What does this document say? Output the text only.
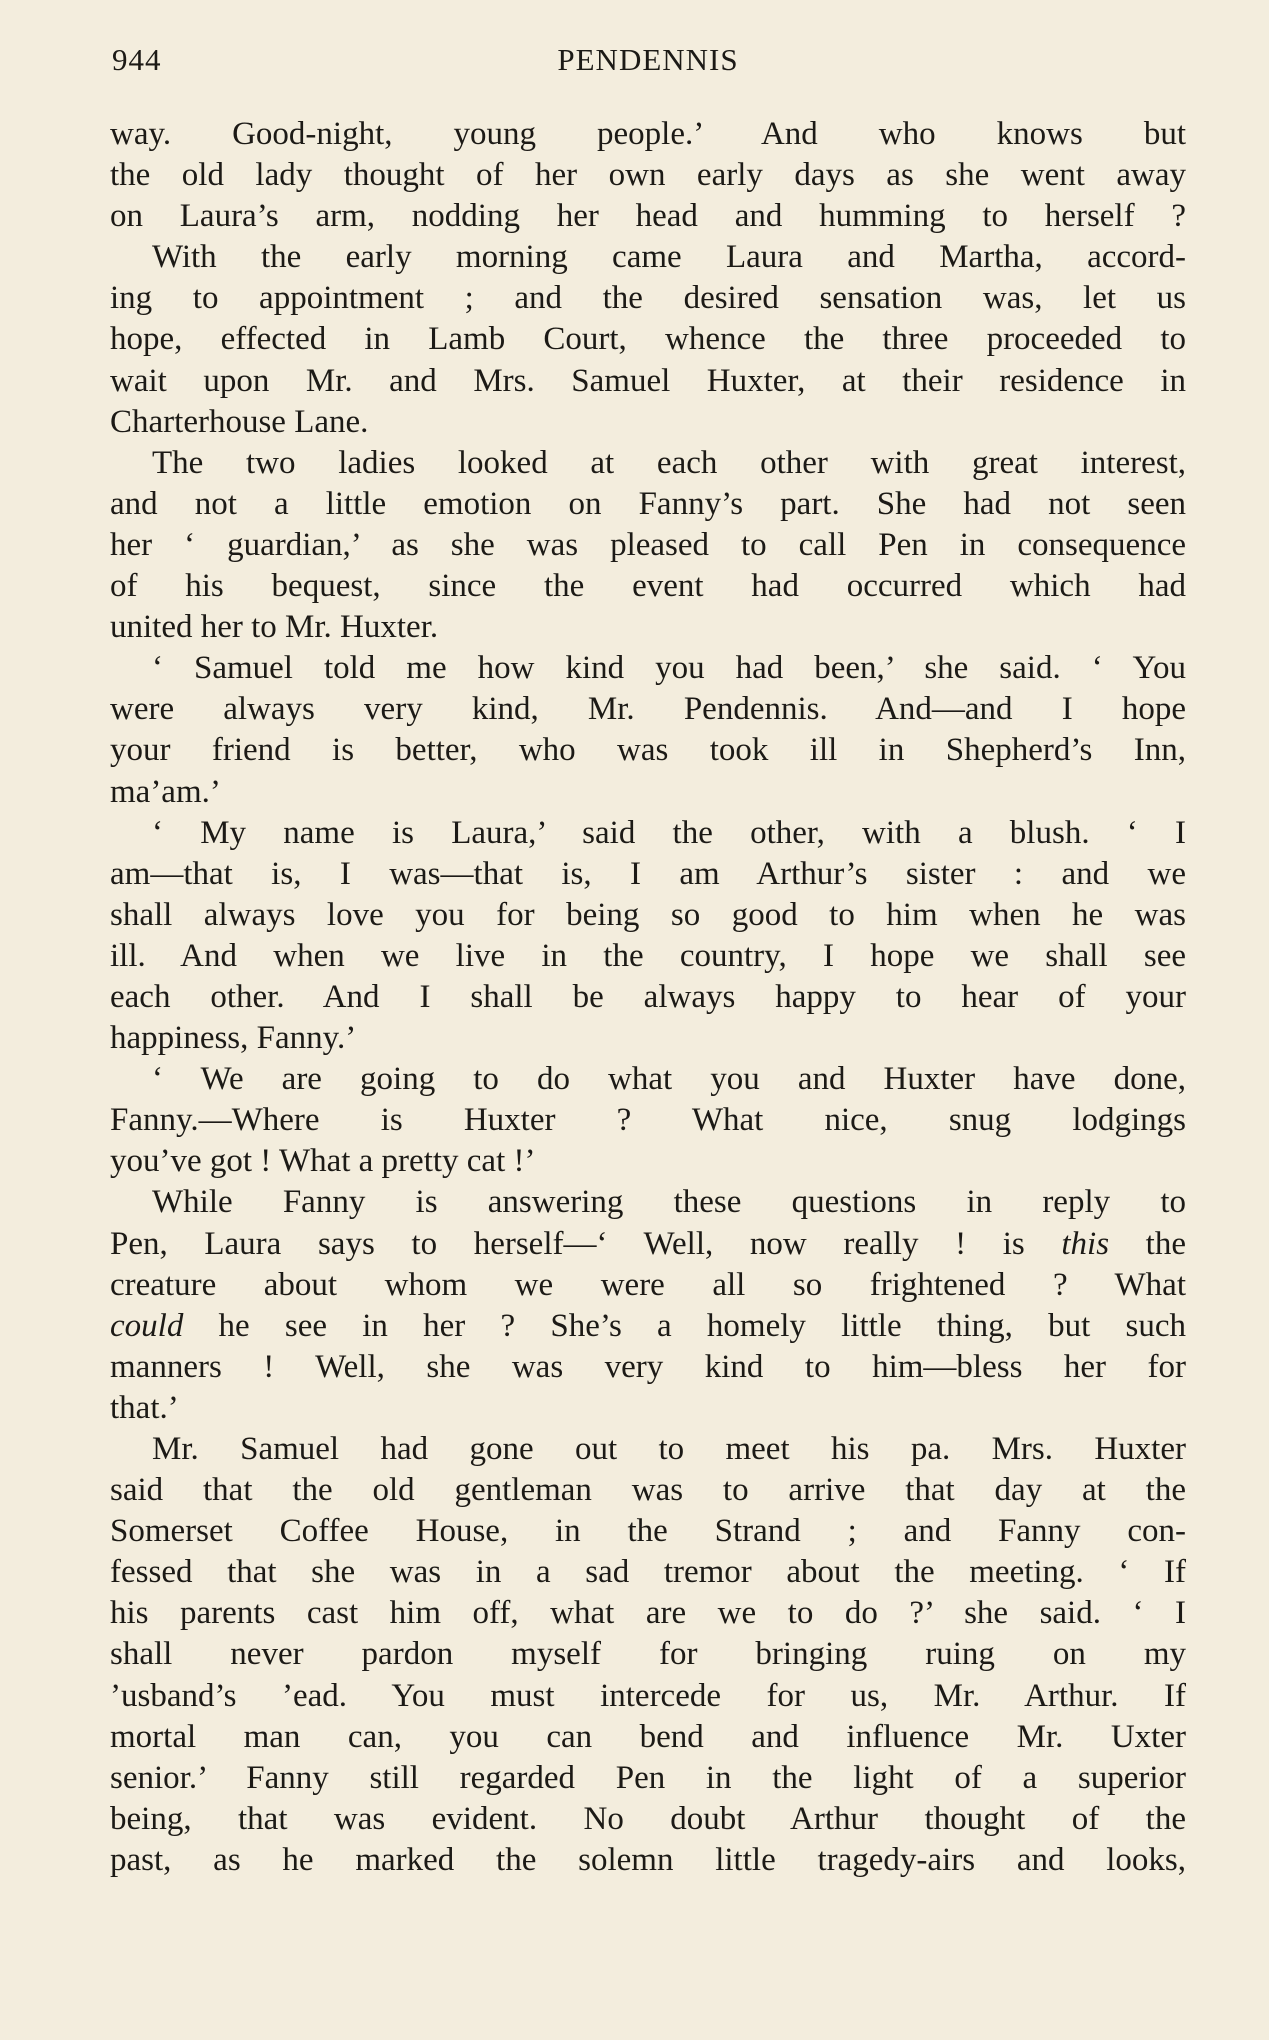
944	PENDENNIS
way. Good-night, young people.’ And who knows but
the old lady thought of her own early days as she went away
on Laura’s arm, nodding her head and humming to herself ?
With the early morning came Laura and Martha, accord-
ing to appointment ; and the desired sensation was, let us
hope, effected in Lamb Court, whence the three proceeded to
wait upon Mr. and Mrs. Samuel Huxter, at their residence in
Charterhouse Lane.
The two ladies looked at each other with great interest,
and not a little emotion on Fanny’s part. She had not seen
her ‘ guardian,’ as she was pleased to call Pen in consequence
of his bequest, since the event had occurred which had
united her to Mr. Huxter.
‘ Samuel told me how kind you had been,’ she said. ‘ You
were always very kind, Mr. Pendennis. And—and I hope
your friend is better, who was took ill in Shepherd’s Inn,
ma’am.’
‘ My name is Laura,’ said the other, with a blush. ‘ I
am—that is, I was—that is, I am Arthur’s sister : and we
shall always love you for being so good to him when he was
ill. And when we live in the country, I hope we shall see
each other. And I shall be always happy to hear of your
happiness, Fanny.’
‘ We are going to do what you and Huxter have done,
Fanny.—Where is Huxter ? What nice, snug lodgings
you’ve got ! What a pretty cat !’
While Fanny is answering these questions in reply to
Pen, Laura says to herself—‘ Well, now really ! is this the
creature about whom we were all so frightened ? What
could he see in her ? She’s a homely little thing, but such
manners ! Well, she was very kind to him—bless her for
that.’
Mr. Samuel had gone out to meet his pa. Mrs. Huxter
said that the old gentleman was to arrive that day at the
Somerset Coffee House, in the Strand ; and Fanny con-
fessed that she was in a sad tremor about the meeting. ‘ If
his parents cast him off, what are we to do ?’ she said. ‘ I
shall never pardon myself for bringing ruing on my
’usband’s ’ead. You must intercede for us, Mr. Arthur. If
mortal man can, you can bend and influence Mr. Uxter
senior.’ Fanny still regarded Pen in the light of a superior
being, that was evident. No doubt Arthur thought of the
past, as he marked the solemn little tragedy-airs and looks,
